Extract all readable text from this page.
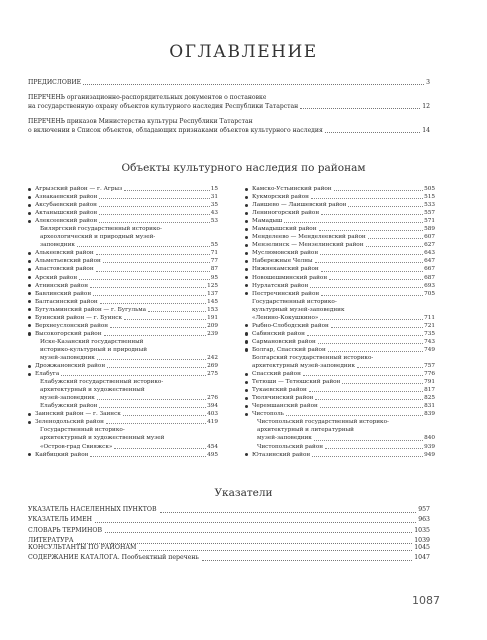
ОГЛАВЛЕНИЕ
ПРЕДИСЛОВИЕ	3
ПЕРЕЧЕНЬ организационно-распорядительных документов о постановке
на государственную охрану объектов культурного наследия Республики Татарстан	12
ПЕРЕЧЕНЬ приказов Министерства культуры Республики Татарстан
о включении в Список объектов, обладающих признаками объектов культурного наследия	14
Объекты культурного наследия по районам
Агрызский район — г. Агрыз	15
Азнакаевский район	31
Аксубаевский район	35
Актанышский район	43
Алексеевский район	53
Биляргский государственный историко-
археологический и природный музей-
заповедник	55
Алькеевский район	71
Альметьевский район	77
Апастовский район	87
Арский район	95
Атнинский район	125
Бавлинский район	137
Балтасинский район	145
Бугульминский район — г. Бугульма	153
Буинский район — г. Буинск	191
Верхнеуслонский район	209
Высокогорский район	239
Иске-Казанский государственный
историко-культурный и природный
музей-заповедник	242
Дрожжановский район	269
Елабуга	275
Елабужский государственный историко-
архитектурный и художественный
музей-заповедник	276
Елабужский район	394
Заинский район — г. Заинск	403
Зеленодольский район	419
Государственный историко-
архитектурный и художественный музей
«Остров-град Свияжск»	454
Кайбицкий район	495
Камско-Устьинский район	505
Кукморский район	515
Лаишево — Лаишевский район	533
Лениногорский район	557
Мамадыш	571
Мамадышский район	589
Менделеево — Менделеевский район	607
Мензелинск — Мензелинский район	627
Муслюмовский район	643
Набережные Челны	647
Нижнекамский район	667
Новошешминский район	687
Нурлатский район	693
Пестречинский район	705
Государственный историко-
культурный музей-заповедник
«Ленино-Кокушкино»	711
Рыбно-Слободский район	721
Сабинский район	735
Сармановский район	743
Болгар, Спасский район	749
Болгарский государственный историко-
архитектурный музей-заповедник	757
Спасский район	776
Тетюши — Тетюшский район	791
Тукаевский район	817
Тюлячинский район	825
Черемшанский район	831
Чистополь	839
Чистопольский государственный историко-
архитектурный и литературный
музей-заповедник	840
Чистопольский район	939
Ютазинский район	949
Указатели
УКАЗАТЕЛЬ НАСЕЛЕННЫХ ПУНКТОВ	957
УКАЗАТЕЛЬ ИМЕН	963
СЛОВАРЬ ТЕРМИНОВ	1035
ЛИТЕРАТУРА	1039
КОНСУЛЬТАНТЫ ПО РАЙОНАМ	1045
СОДЕРЖАНИЕ КАТАЛОГА. Пообъектный перечень	1047
1087
